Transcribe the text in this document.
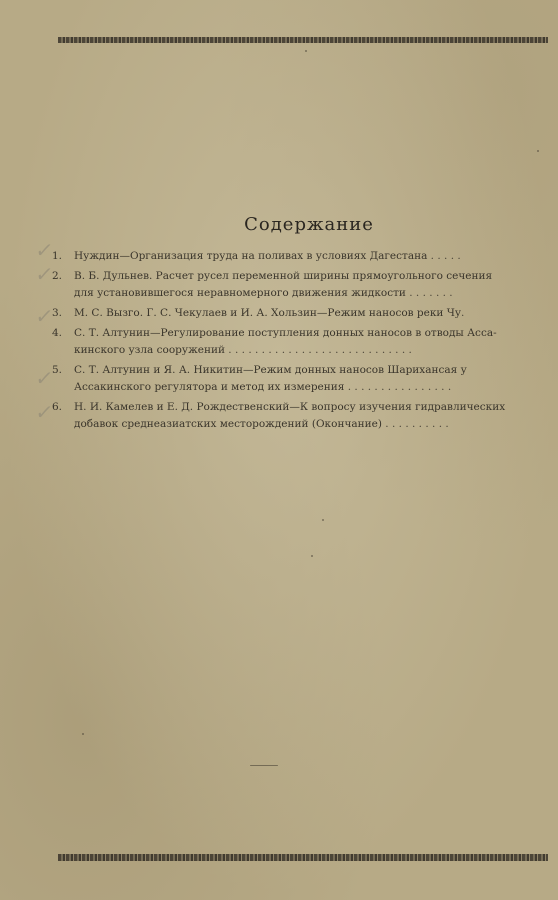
Содержание
✓
✓
✓
✓
✓
1.	Нуждин—Организация труда на поливах в условиях Дагестана . . . . .
2.	В. Б. Дульнев. Расчет русел переменной ширины прямоугольного сечения
для установившегося неравномерного движения жидкости . . . . . . .
3.	М. С. Вызго. Г. С. Чекулаев и И. А. Хользин—Режим наносов реки Чу.
4.	С. Т. Алтунин—Регулирование поступления донных наносов в отводы Асса-
кинского узла сооружений . . . . . . . . . . . . . . . . . . . . . . . . . . . .
5.	С. Т. Алтунин и Я. А. Никитин—Режим донных наносов Шарихансая у
Ассакинского регулятора и метод их измерения . . . . . . . . . . . . . . . .
6.	Н. И. Камелев и Е. Д. Рождественский—К вопросу изучения гидравлических
добавок среднеазиатских месторождений (Окончание) . . . . . . . . . .
